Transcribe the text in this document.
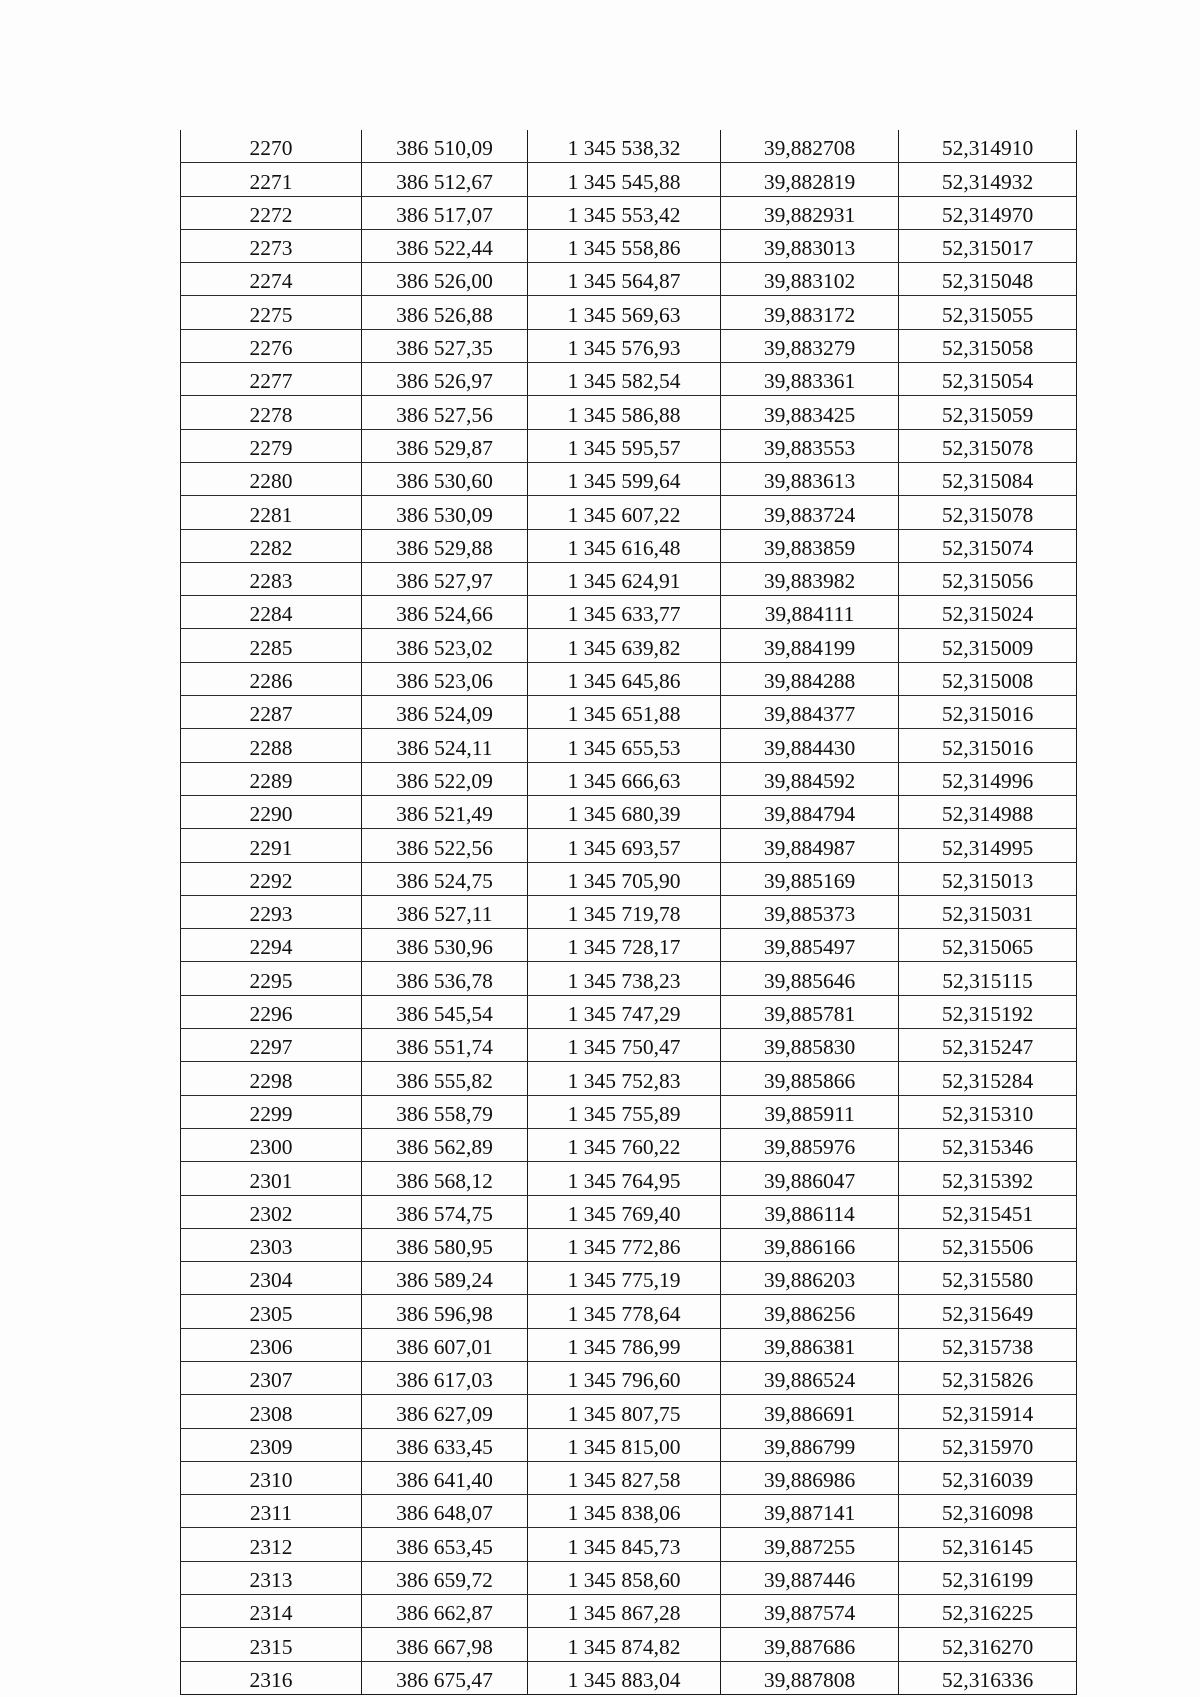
2270	386 510,09	1 345 538,32	39,882708	52,314910
2271	386 512,67	1 345 545,88	39,882819	52,314932
2272	386 517,07	1 345 553,42	39,882931	52,314970
2273	386 522,44	1 345 558,86	39,883013	52,315017
2274	386 526,00	1 345 564,87	39,883102	52,315048
2275	386 526,88	1 345 569,63	39,883172	52,315055
2276	386 527,35	1 345 576,93	39,883279	52,315058
2277	386 526,97	1 345 582,54	39,883361	52,315054
2278	386 527,56	1 345 586,88	39,883425	52,315059
2279	386 529,87	1 345 595,57	39,883553	52,315078
2280	386 530,60	1 345 599,64	39,883613	52,315084
2281	386 530,09	1 345 607,22	39,883724	52,315078
2282	386 529,88	1 345 616,48	39,883859	52,315074
2283	386 527,97	1 345 624,91	39,883982	52,315056
2284	386 524,66	1 345 633,77	39,884111	52,315024
2285	386 523,02	1 345 639,82	39,884199	52,315009
2286	386 523,06	1 345 645,86	39,884288	52,315008
2287	386 524,09	1 345 651,88	39,884377	52,315016
2288	386 524,11	1 345 655,53	39,884430	52,315016
2289	386 522,09	1 345 666,63	39,884592	52,314996
2290	386 521,49	1 345 680,39	39,884794	52,314988
2291	386 522,56	1 345 693,57	39,884987	52,314995
2292	386 524,75	1 345 705,90	39,885169	52,315013
2293	386 527,11	1 345 719,78	39,885373	52,315031
2294	386 530,96	1 345 728,17	39,885497	52,315065
2295	386 536,78	1 345 738,23	39,885646	52,315115
2296	386 545,54	1 345 747,29	39,885781	52,315192
2297	386 551,74	1 345 750,47	39,885830	52,315247
2298	386 555,82	1 345 752,83	39,885866	52,315284
2299	386 558,79	1 345 755,89	39,885911	52,315310
2300	386 562,89	1 345 760,22	39,885976	52,315346
2301	386 568,12	1 345 764,95	39,886047	52,315392
2302	386 574,75	1 345 769,40	39,886114	52,315451
2303	386 580,95	1 345 772,86	39,886166	52,315506
2304	386 589,24	1 345 775,19	39,886203	52,315580
2305	386 596,98	1 345 778,64	39,886256	52,315649
2306	386 607,01	1 345 786,99	39,886381	52,315738
2307	386 617,03	1 345 796,60	39,886524	52,315826
2308	386 627,09	1 345 807,75	39,886691	52,315914
2309	386 633,45	1 345 815,00	39,886799	52,315970
2310	386 641,40	1 345 827,58	39,886986	52,316039
2311	386 648,07	1 345 838,06	39,887141	52,316098
2312	386 653,45	1 345 845,73	39,887255	52,316145
2313	386 659,72	1 345 858,60	39,887446	52,316199
2314	386 662,87	1 345 867,28	39,887574	52,316225
2315	386 667,98	1 345 874,82	39,887686	52,316270
2316	386 675,47	1 345 883,04	39,887808	52,316336
